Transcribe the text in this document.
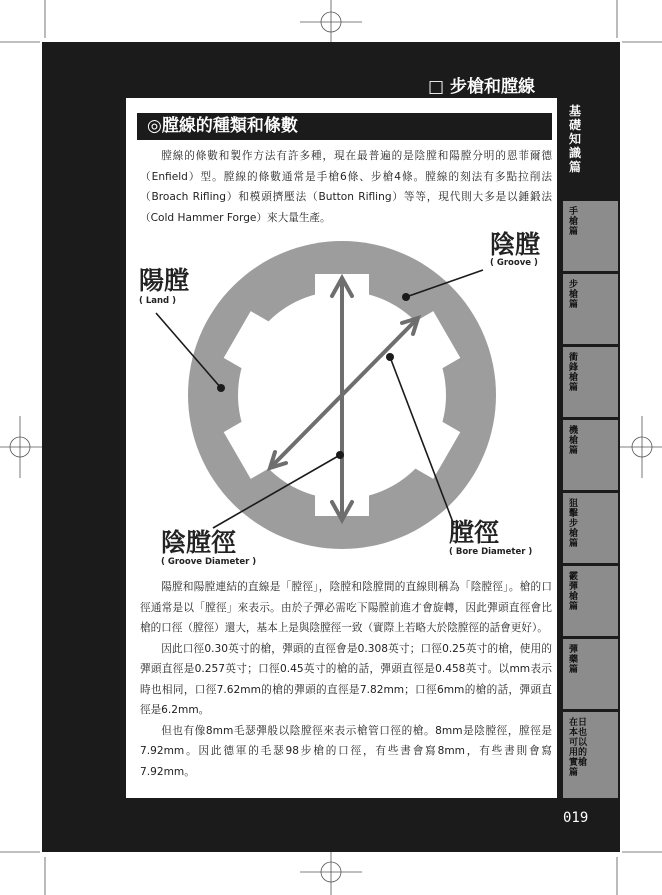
□ 步槍和膛線
基礎知識篇
手槍篇
步槍篇
衝鋒槍篇
機槍篇
狙擊步槍篇
霰彈槍篇
彈藥篇
在日本也可以用的實槍篇
◎膛線的種類和條數

膛線的條數和製作方法有許多種，現在最普遍的是陰膛和陽膛分明的恩菲爾德（Enfield）型。膛線的條數通常是手槍6條、步槍4條。膛線的刻法有多點拉削法（Broach Rifling）和模頭擠壓法（Button Rifling）等等，現代則大多是以錘鍛法（Cold Hammer Forge）來大量生產。

陰膛
( Groove )
陽膛
( Land )
陰膛徑
( Groove Diameter )
膛徑
( Bore Diameter )

陽膛和陽膛連結的直線是「膛徑」，陰膛和陰膛間的直線則稱為「陰膛徑」。槍的口徑通常是以「膛徑」來表示。由於子彈必需吃下陽膛前進才會旋轉，因此彈頭直徑會比槍的口徑（膛徑）還大，基本上是與陰膛徑一致（實際上若略大於陰膛徑的話會更好）。

因此口徑0.30英寸的槍，彈頭的直徑會是0.308英寸；口徑0.25英寸的槍，使用的彈頭直徑是0.257英寸；口徑0.45英寸的槍的話，彈頭直徑是0.458英寸。以mm表示時也相同，口徑7.62mm的槍的彈頭的直徑是7.82mm；口徑6mm的槍的話，彈頭直徑是6.2mm。

但也有像8mm毛瑟彈般以陰膛徑來表示槍管口徑的槍。8mm是陰膛徑，膛徑是7.92mm。因此德軍的毛瑟98步槍的口徑，有些書會寫8mm，有些書則會寫7.92mm。

019
